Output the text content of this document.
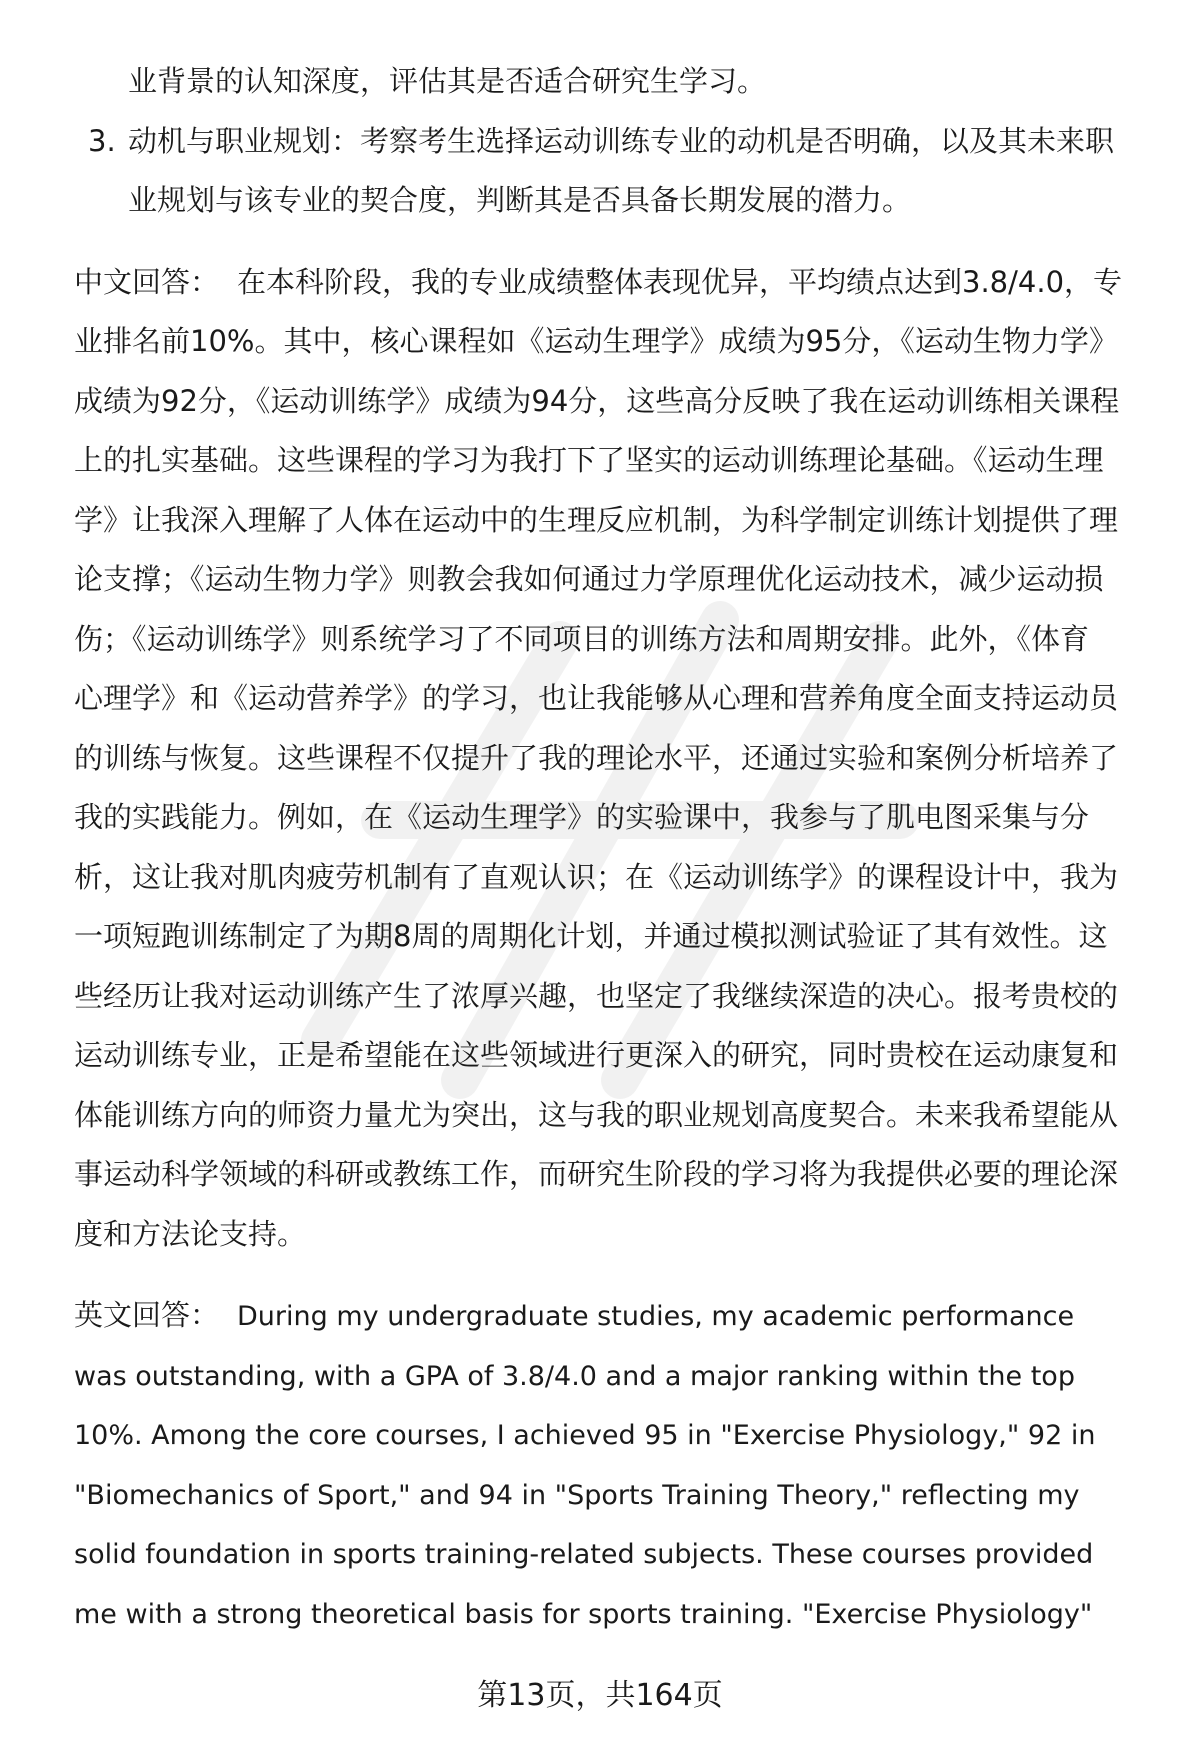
业背景的认知深度，评估其是否适合研究生学习。
3. 动机与职业规划：考察考生选择运动训练专业的动机是否明确，以及其未来职
业规划与该专业的契合度，判断其是否具备长期发展的潜力。
中文回答： 在本科阶段，我的专业成绩整体表现优异，平均绩点达到3.8/4.0，专
业排名前10%。其中，核心课程如《运动生理学》成绩为95分，《运动生物力学》
成绩为92分，《运动训练学》成绩为94分，这些高分反映了我在运动训练相关课程
上的扎实基础。这些课程的学习为我打下了坚实的运动训练理论基础。《运动生理
学》让我深入理解了人体在运动中的生理反应机制，为科学制定训练计划提供了理
论支撑；《运动生物力学》则教会我如何通过力学原理优化运动技术，减少运动损
伤；《运动训练学》则系统学习了不同项目的训练方法和周期安排。此外，《体育
心理学》和《运动营养学》的学习，也让我能够从心理和营养角度全面支持运动员
的训练与恢复。这些课程不仅提升了我的理论水平，还通过实验和案例分析培养了
我的实践能力。例如，在《运动生理学》的实验课中，我参与了肌电图采集与分
析，这让我对肌肉疲劳机制有了直观认识；在《运动训练学》的课程设计中，我为
一项短跑训练制定了为期8周的周期化计划，并通过模拟测试验证了其有效性。这
些经历让我对运动训练产生了浓厚兴趣，也坚定了我继续深造的决心。报考贵校的
运动训练专业，正是希望能在这些领域进行更深入的研究，同时贵校在运动康复和
体能训练方向的师资力量尤为突出，这与我的职业规划高度契合。未来我希望能从
事运动科学领域的科研或教练工作，而研究生阶段的学习将为我提供必要的理论深
度和方法论支持。
英文回答： During my undergraduate studies, my academic performance
was outstanding, with a GPA of 3.8/4.0 and a major ranking within the top
10%. Among the core courses, I achieved 95 in "Exercise Physiology," 92 in
"Biomechanics of Sport," and 94 in "Sports Training Theory," reflecting my
solid foundation in sports training-related subjects. These courses provided
me with a strong theoretical basis for sports training. "Exercise Physiology"
第13页，共164页
